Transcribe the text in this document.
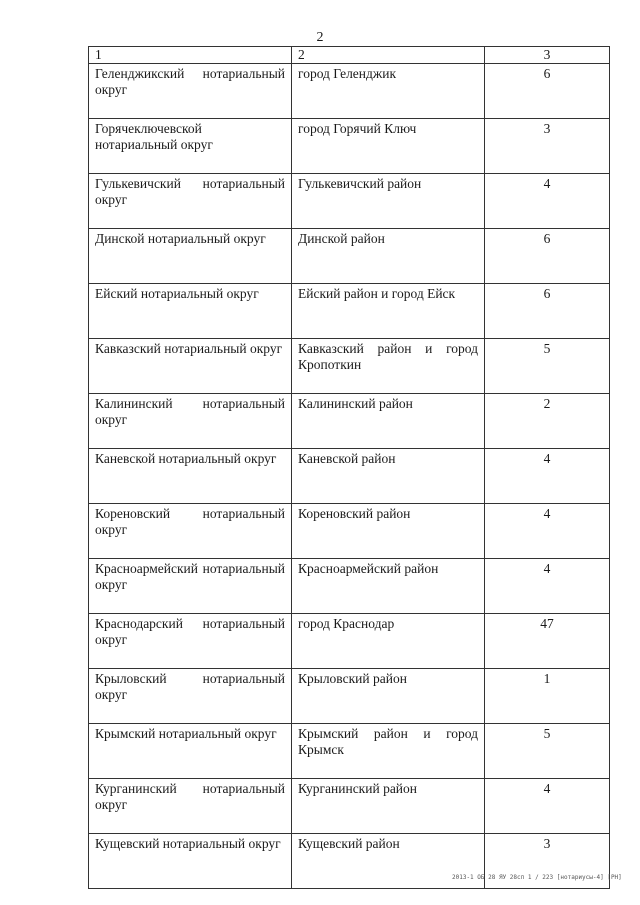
2
1	2	3

Геленджикский нотариальный округ	город Геленджик	6

Горячеключевской нотариальный округ	город Горячий Ключ	3

Гулькевичский нотариальный округ	Гулькевичский район	4

Динской нотариальный округ	Динской район	6

Ейский нотариальный округ	Ейский район и город Ейск	6

Кавказский нотариальный округ	Кавказский район и город Кропоткин	5

Калининский нотариальный округ	Калининский район	2

Каневской нотариальный округ	Каневской район	4

Кореновский нотариальный округ	Кореновский район	4

Красноармейский нотариальный округ	Красноармейский район	4

Краснодарский нотариальный округ	город Краснодар	47

Крыловский нотариальный округ	Крыловский район	1

Крымский нотариальный округ	Крымский район и город Крымск	5

Курганинский нотариальный округ	Курганинский район	4

Кущевский нотариальный округ	Кущевский район	3
2013-1 ОБ 28 ЯУ 28сп 1 / 223 [нотариусы-4] [РН]
